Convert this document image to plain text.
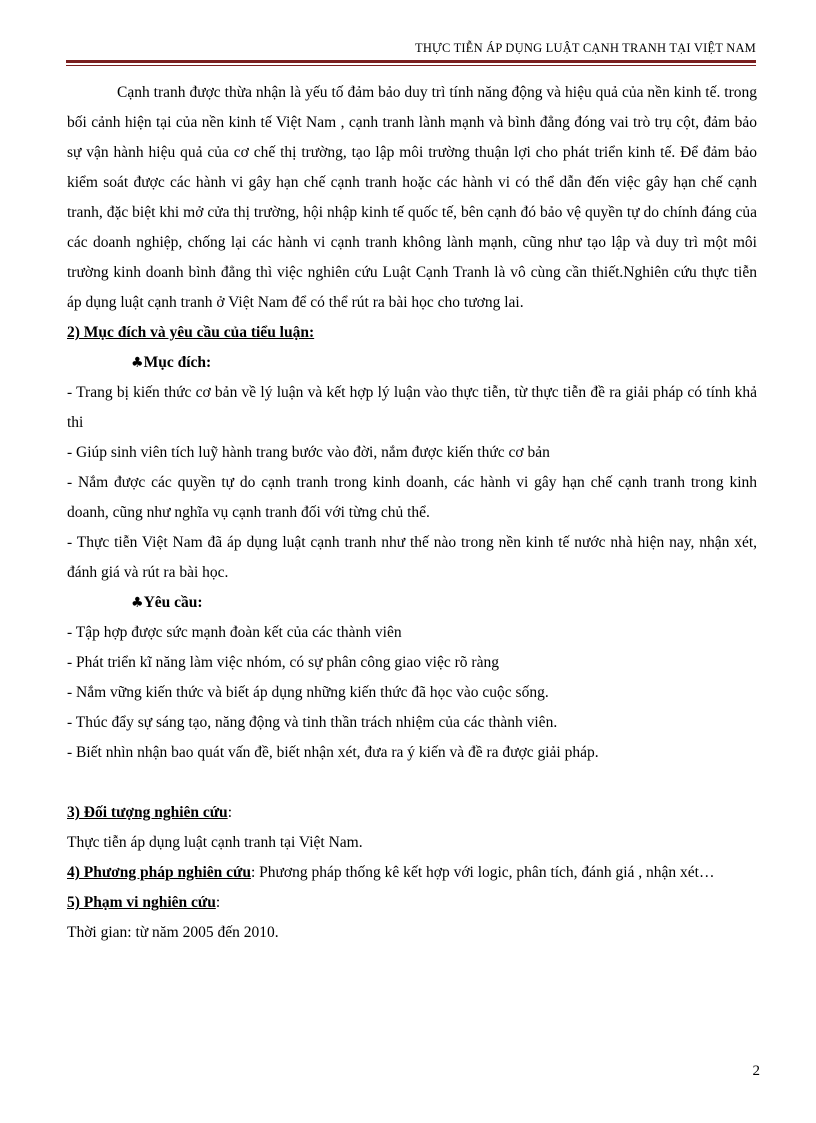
THỰC TIỄN ÁP DỤNG LUẬT CẠNH TRANH TẠI VIỆT NAM

Cạnh tranh được thừa nhận là yếu tố đảm bảo duy trì tính năng động và hiệu quả của nền kinh tế. trong bối cảnh hiện tại của nền kinh tế Việt Nam , cạnh tranh lành mạnh và bình đẳng đóng vai trò trụ cột, đảm bảo sự vận hành hiệu quả của cơ chế thị trường, tạo lập môi trường thuận lợi cho phát triển kinh tế. Để đảm bảo kiểm soát được các hành vi gây hạn chế cạnh tranh hoặc các hành vi có thể dẫn đến việc gây hạn chế cạnh tranh, đặc biệt khi mở cửa thị trường, hội nhập kinh tế quốc tế, bên cạnh đó bảo vệ quyền tự do chính đáng của các doanh nghiệp, chống lại các hành vi cạnh tranh không lành mạnh, cũng như tạo lập và duy trì một môi trường kinh doanh bình đẳng thì việc nghiên cứu Luật Cạnh Tranh là vô cùng cần thiết.Nghiên cứu thực tiễn áp dụng luật cạnh tranh ở Việt Nam để có thể rút ra bài học cho tương lai.

2) Mục đích và yêu cầu của tiểu luận:

♣Mục đích:

- Trang bị kiến thức cơ bản về lý luận và kết hợp lý luận vào thực tiễn, từ thực tiễn đề ra giải pháp có tính khả thi

- Giúp sinh viên tích luỹ hành trang bước vào đời, nắm được kiến thức cơ bản

- Nắm được các quyền tự do cạnh tranh trong kinh doanh, các hành vi gây hạn chế cạnh tranh trong kinh doanh, cũng như nghĩa vụ cạnh tranh đối với từng chủ thể.

- Thực tiễn Việt Nam đã áp dụng luật cạnh tranh như thế nào trong nền kinh tế nước nhà hiện nay, nhận xét, đánh giá và rút ra bài học.

♣Yêu cầu:

- Tập hợp được sức mạnh đoàn kết của các thành viên

- Phát triển kĩ năng làm việc nhóm, có sự phân công giao việc rõ ràng

- Nắm vững kiến thức và biết áp dụng những kiến thức đã học vào cuộc sống.

- Thúc đẩy sự sáng tạo, năng động và tinh thần trách nhiệm của các thành viên.

- Biết nhìn nhận bao quát vấn đề, biết nhận xét, đưa ra ý kiến và đề ra được giải pháp.

3) Đối tượng nghiên cứu:

Thực tiễn áp dụng luật cạnh tranh tại Việt Nam.

4) Phương pháp nghiên cứu: Phương pháp thống kê kết hợp với logic, phân tích, đánh giá , nhận xét…

5) Phạm vi nghiên cứu:

Thời gian: từ năm 2005 đến 2010.

2
